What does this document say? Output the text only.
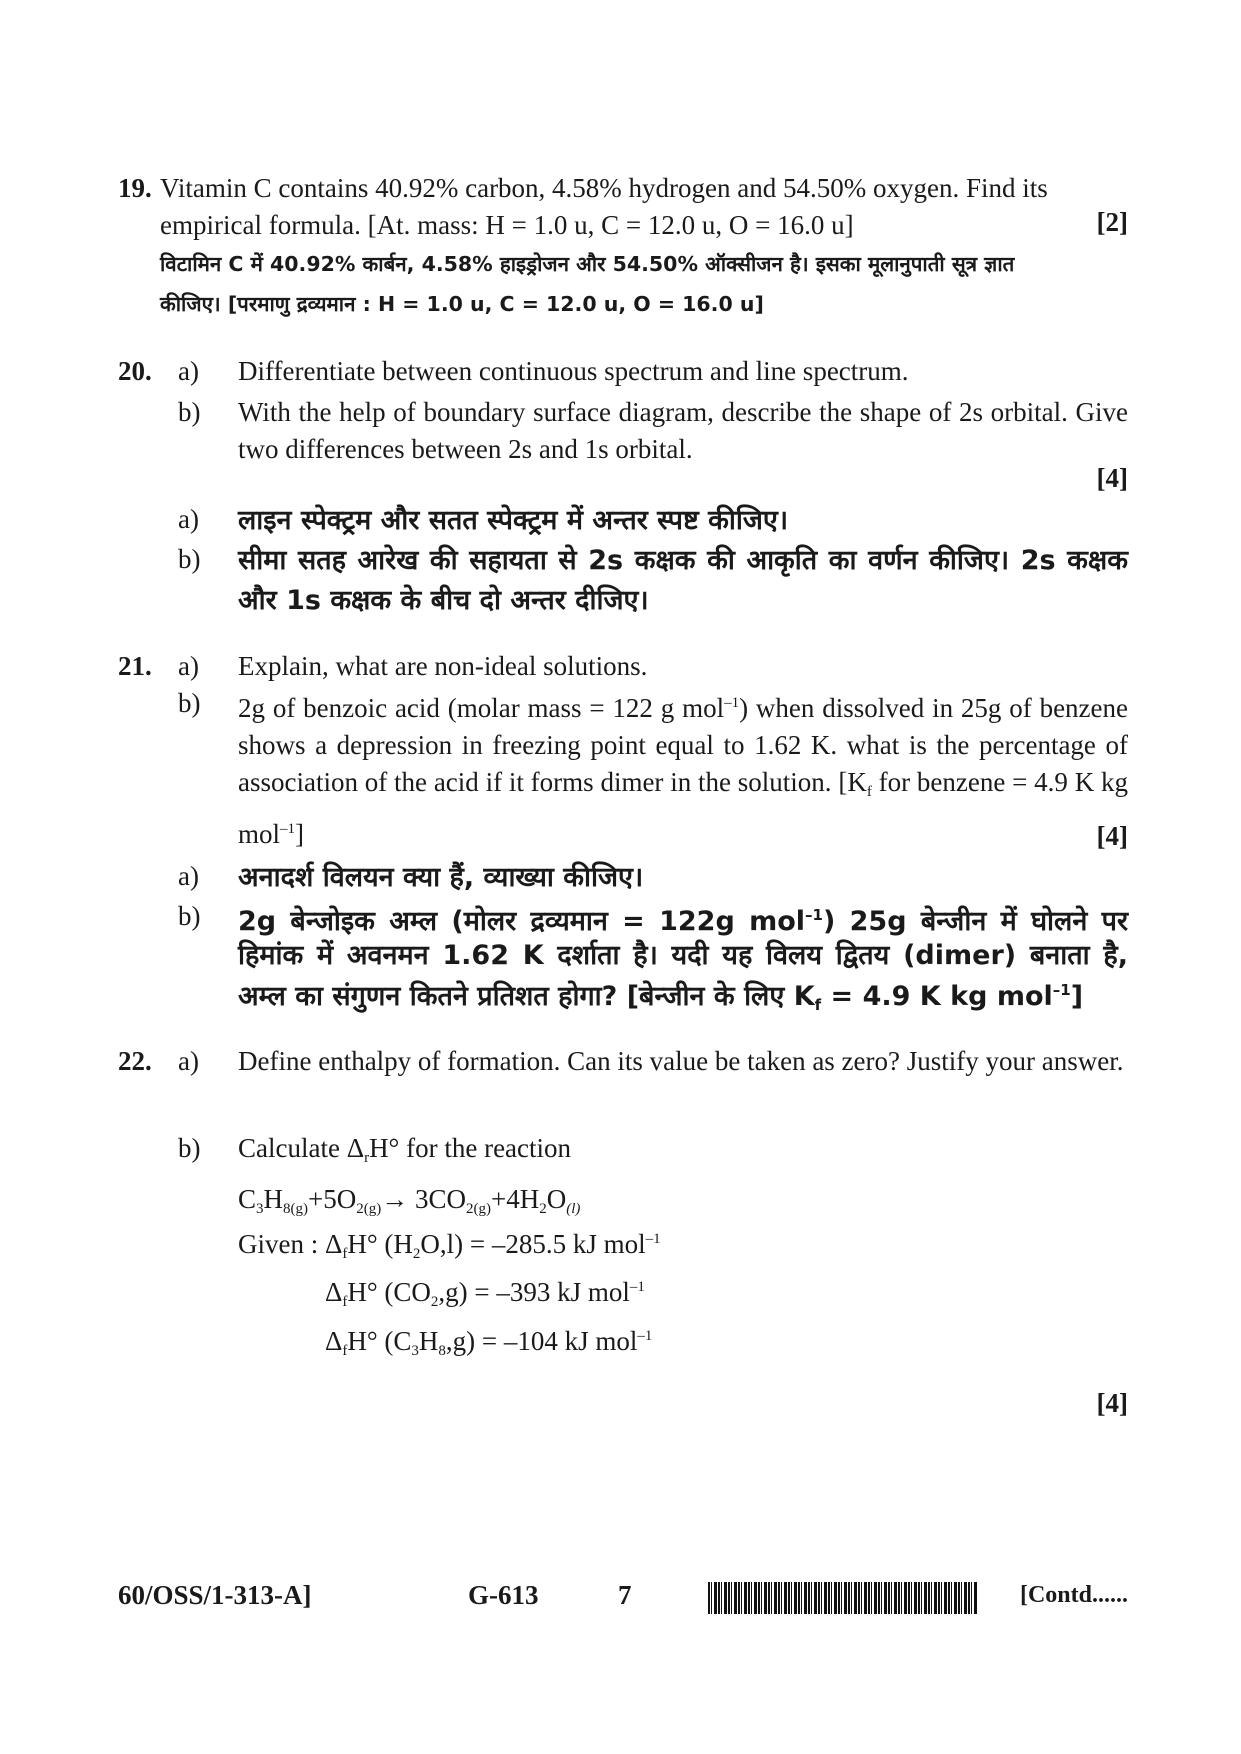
19. Vitamin C contains 40.92% carbon, 4.58% hydrogen and 54.50% oxygen. Find its
empirical formula. [At. mass: H = 1.0 u, C = 12.0 u, O = 16.0 u]
विटामिन C में 40.92% कार्बन, 4.58% हाइड्रोजन और 54.50% ऑक्सीजन है। इसका मूलानुपाती सूत्र ज्ञात
कीजिए। [परमाणु द्रव्यमान : H = 1.0 u, C = 12.0 u, O = 16.0 u]
[2]
20. a) Differentiate between continuous spectrum and line spectrum.
b) With the help of boundary surface diagram, describe the shape of 2s orbital. Give two differences between 2s and 1s orbital.
[4]
a) लाइन स्पेक्ट्रम और सतत स्पेक्ट्रम में अन्तर स्पष्ट कीजिए।
b) सीमा सतह आरेख की सहायता से 2s कक्षक की आकृति का वर्णन कीजिए। 2s कक्षक और 1s कक्षक के बीच दो अन्तर दीजिए।
21. a) Explain, what are non-ideal solutions.
b) 2g of benzoic acid (molar mass = 122 g mol$^{-1}$) when dissolved in 25g of benzene shows a depression in freezing point equal to 1.62 K. what is the percentage of association of the acid if it forms dimer in the solution. [$K_f$ for benzene = 4.9 K kg mol$^{-1}$]	[4]
a) अनादर्श विलयन क्या हैं, व्याख्या कीजिए।
b) 2g बेन्जोइक अम्ल (मोलर द्रव्यमान = 122g mol$^{-1}$) 25g बेन्जीन में घोलने पर हिमांक में अवनमन 1.62 K दर्शाता है। यदी यह विलय द्वितय (dimer) बनाता है, अम्ल का संगुणन कितने प्रतिशत होगा? [बेन्जीन के लिए $K_f = 4.9$ K kg mol$^{-1}$]
22. a) Define enthalpy of formation. Can its value be taken as zero? Justify your answer.
b) Calculate $\Delta_rH^\circ$ for the reaction
$C_3H_{8(g)}+5O_{2(g)}\to 3CO_{2(g)}+4H_2O_{(l)}$
Given : $\Delta_fH^\circ$ $(H_2O,l) = -285.5$ kJ mol$^{-1}$
$\Delta_fH^\circ$ $(CO_2,g) = -393$ kJ mol$^{-1}$
$\Delta_fH^\circ$ $(C_3H_8,g) = -104$ kJ mol$^{-1}$
[4]
60/OSS/1-313-A]	G-613	7	[Contd......
